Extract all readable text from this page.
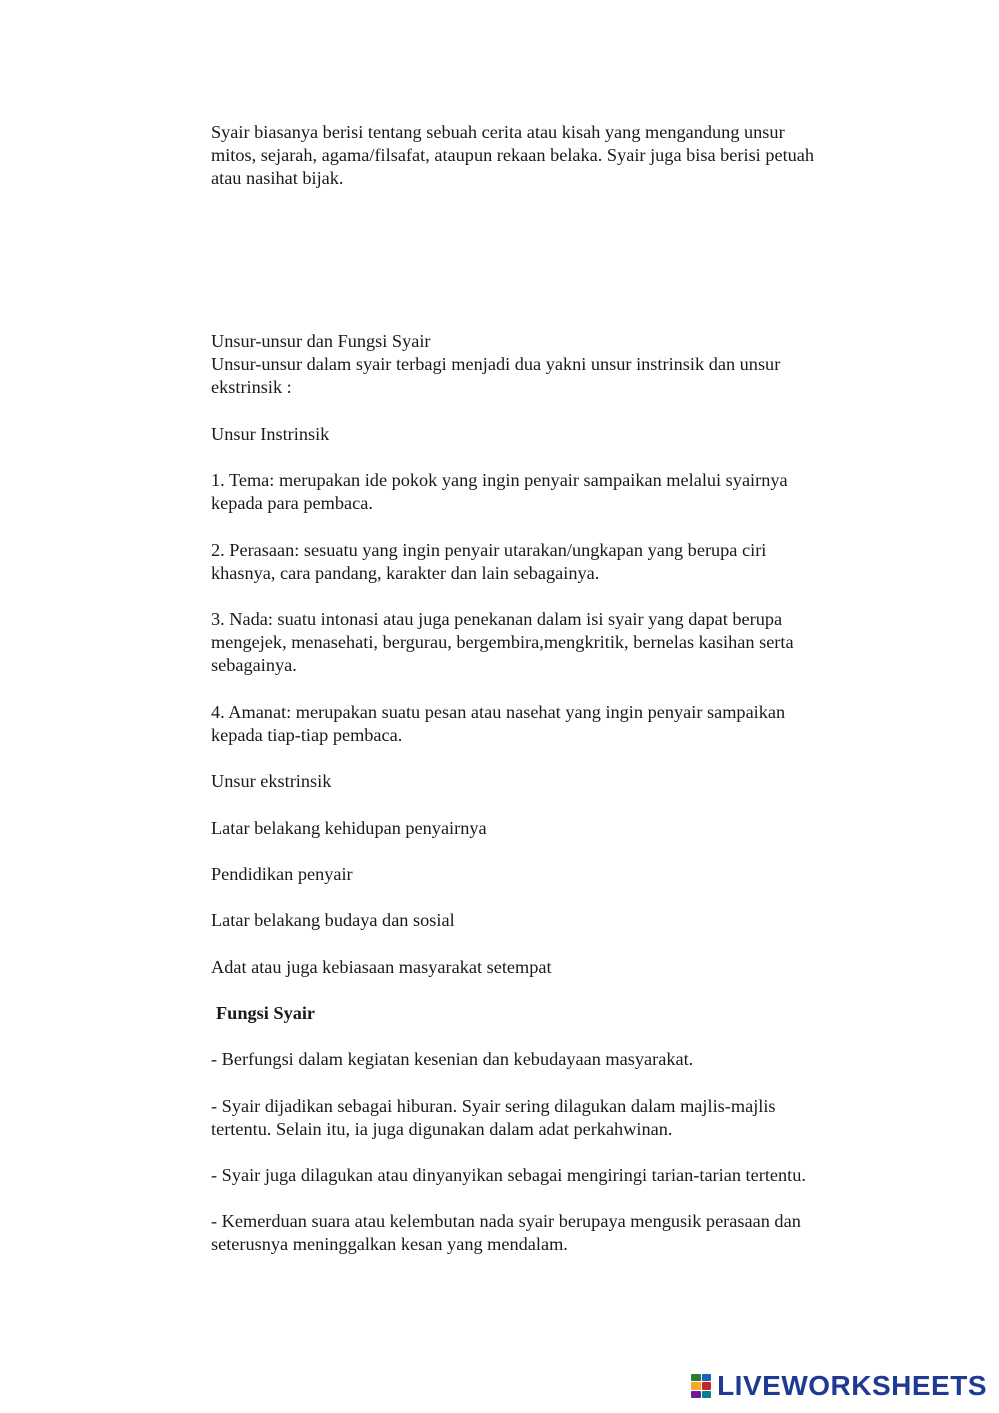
Syair biasanya berisi tentang sebuah cerita atau kisah yang mengandung unsur

mitos, sejarah, agama/filsafat, ataupun rekaan belaka. Syair juga bisa berisi petuah

atau nasihat bijak.

Unsur-unsur dan Fungsi Syair

Unsur-unsur dalam syair terbagi menjadi dua yakni unsur instrinsik dan unsur

ekstrinsik :

Unsur Instrinsik

1. Tema: merupakan ide pokok yang ingin penyair sampaikan melalui syairnya

kepada para pembaca.

2. Perasaan: sesuatu yang ingin penyair utarakan/ungkapan yang berupa ciri

khasnya, cara pandang, karakter dan lain sebagainya.

3. Nada: suatu intonasi atau juga penekanan dalam isi syair yang dapat berupa

mengejek, menasehati, bergurau, bergembira,mengkritik, bernelas kasihan serta

sebagainya.

4. Amanat: merupakan suatu pesan atau nasehat yang ingin penyair sampaikan

kepada tiap-tiap pembaca.

Unsur ekstrinsik

Latar belakang kehidupan penyairnya

Pendidikan penyair

Latar belakang budaya dan sosial

Adat atau juga kebiasaan masyarakat setempat

Fungsi Syair

- Berfungsi dalam kegiatan kesenian dan kebudayaan masyarakat.

- Syair dijadikan sebagai hiburan. Syair sering dilagukan dalam majlis-majlis

tertentu. Selain itu, ia juga digunakan dalam adat perkahwinan.

- Syair juga dilagukan atau dinyanyikan sebagai mengiringi tarian-tarian tertentu.

- Kemerduan suara atau kelembutan nada syair berupaya mengusik perasaan dan

seterusnya meninggalkan kesan yang mendalam.

LIVEWORKSHEETS
